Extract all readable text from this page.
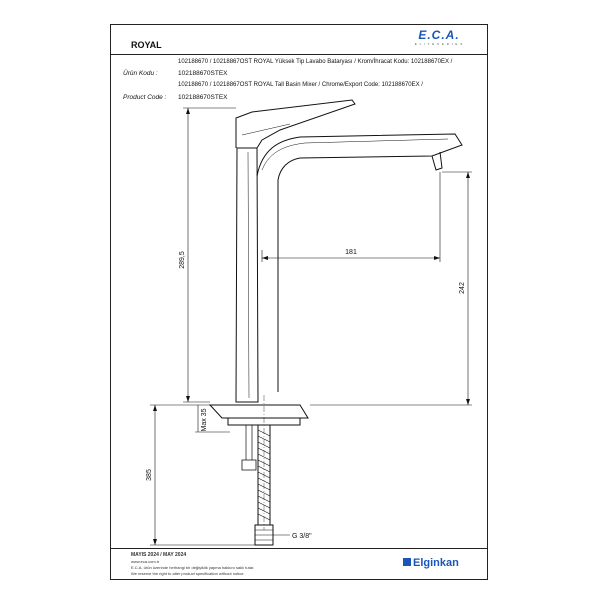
ROYAL
E.C.A.
E L I T E S E R I E S
102188670 / 10218867OST ROYAL Yüksek Tip Lavabo Bataryası / Krom/İhracat Kodu: 102188670EX /
Ürün Kodu :	102188670STEX
102188670 / 10218867OST ROYAL Tall Basin Mixer / Chrome/Export Code: 102188670EX /
Product Code : 102188670STEX
289,5	181
242
Max 35
385
G 3/8"
MAYIS 2024 / MAY 2024
www.eca.com.tr
E.C.A. ürün üzerinde herhangi bir değişiklik yapma hakkını saklı tutar.
We reserve the right to alter product specification without notice.
Elginkan
